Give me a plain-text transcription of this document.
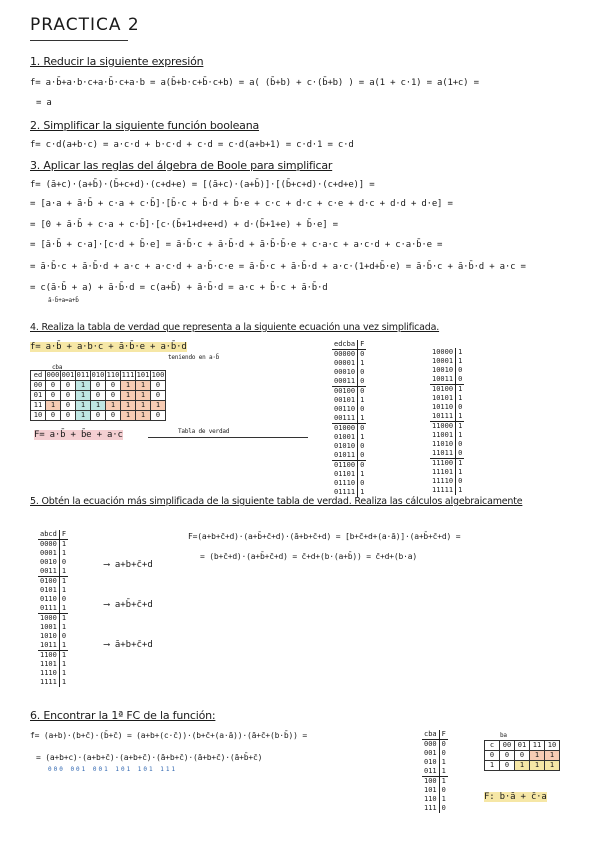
PRACTICA 2
1. Reducir la siguiente expresión
f= a·b̄+a·b·c+a·b̄·c+a·b = a(b̄+b·c+b̄·c+b) = a( (b̄+b) + c·(b̄+b) ) = a(1 + c·1) = a(1+c) =
= a
2. Simplificar la siguiente función booleana
f= c·d(a+b·c) = a·c·d + b·c·d + c·d = c·d(a+b+1) = c·d·1 = c·d
3. Aplicar las reglas del álgebra de Boole para simplificar
f= (ā+c)·(a+b̄)·(b̄+c+d)·(c+d+e) = [(ā+c)·(a+b̄)]·[(b̄+c+d)·(c+d+e)] =
= [a·a + ā·b̄ + c·a + c·b̄]·[b̄·c + b̄·d + b̄·e + c·c + d·c + c·e + d·c + d·d + d·e] =
= [0 + ā·b̄ + c·a + c·b̄]·[c·(b̄+1+d+e+d) + d·(b̄+1+e) + b̄·e] =
= [ā·b̄ + c·a]·[c·d + b̄·e] = ā·b̄·c + ā·b̄·d + ā·b̄·b̄·e + c·a·c + a·c·d + c·a·b̄·e =
= ā·b̄·c + ā·b̄·d + a·c + a·c·d + a·b̄·c·e = ā·b̄·c + ā·b̄·d + a·c·(1+d+b̄·e) = ā·b̄·c + ā·b̄·d + a·c =
= c(ā·b̄ + a) + ā·b̄·d = c(a+b̄) + ā·b̄·d = a·c + b̄·c + ā·b̄·d
ā·b̄+a=a+b̄
4. Realiza la tabla de verdad que representa a la siguiente ecuación una vez simplificada.
f= a·b̄ + a·b·c + ā·b̄·e + a·b̄·d
teniendo en a·b̄
cba
ed	000	001	011	010	110	111	101	100
00	0	0	1	0	0	1	1	0
01	0	0	1	0	0	1	1	0
11	1	0	1	1	1	1	1	1
10	0	0	1	0	0	1	1	0
F= a·b̄ + b̄e + a·c	Tabla de verdad
edcba	F
00000	0
00001	1
00010	0
00011	0
00100	0
00101	1
00110	0
00111	1
01000	0
01001	1
01010	0
01011	0
01100	0
01101	1
01110	0
01111	1
10000	1
10001	1
10010	0
10011	0
10100	1
10101	1
10110	0
10111	1
11000	1
11001	1
11010	0
11011	0
11100	1
11101	1
11110	0
11111	1
5. Obtén la ecuación más simplificada de la siguiente tabla de verdad. Realiza las cálculos algebraicamente
abcd	F
0000	1
0001	1
0010	0
0011	1
0100	1
0101	1
0110	0
0111	1
1000	1
1001	1
1010	0
1011	1
1100	1
1101	1
1110	1
1111	1
⟶ a+b+c̄+d
⟶ a+b̄+c̄+d
⟶ ā+b+c̄+d
F=(a+b+c̄+d)·(a+b̄+c̄+d)·(ā+b+c̄+d) = [b+c̄+d+(a·ā)]·(a+b̄+c̄+d) =
= (b+c̄+d)·(a+b̄+c̄+d) = c̄+d+(b·(a+b̄)) = c̄+d+(b·a)
6. Encontrar la 1ª FC de la función:
f= (a+b)·(b+c̄)·(b̄+c̄) = (a+b+(c·c̄))·(b+c̄+(a·ā))·(ā+c̄+(b·b̄)) =
= (a+b+c)·(a+b+c̄)·(a+b+c̄)·(ā+b+c̄)·(ā+b+c̄)·(ā+b̄+c̄)
000 001 001 101 101 111
cba	F
000	0
001	0
010	1
011	1
100	1
101	0
110	1
111	0
ba
c	00	01	11	10
0	0	0	1	1
1	0	1	1	1
F: b·ā + c̄·a
